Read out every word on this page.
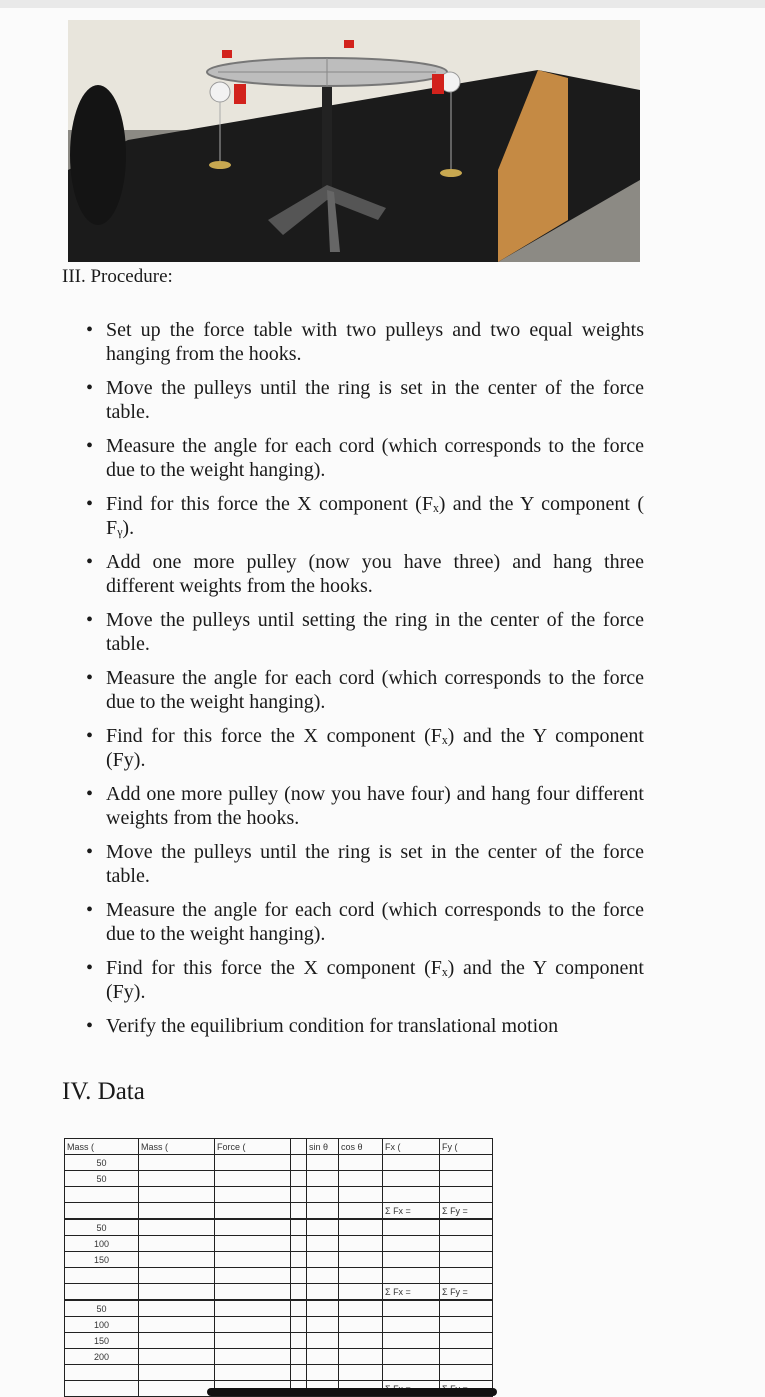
III. Procedure:
• Set up the force table with two pulleys and two equal weights hanging from the hooks.
• Move the pulleys until the ring is set in the center of the force table.
• Measure the angle for each cord (which corresponds to the force due to the weight hanging).
• Find for this force the X component (Fₓ) and the Y component ( Fᵧ).
• Add one more pulley (now you have three) and hang three different weights from the hooks.
• Move the pulleys until setting the ring in the center of the force table.
• Measure the angle for each cord (which corresponds to the force due to the weight hanging).
• Find for this force the X component (Fₓ) and the Y component (Fy).
• Add one more pulley (now you have four) and hang four different weights from the hooks.
• Move the pulleys until the ring is set in the center of the force table.
• Measure the angle for each cord (which corresponds to the force due to the weight hanging).
• Find for this force the X component (Fₓ) and the Y component (Fy).
• Verify the equilibrium condition for translational motion
IV. Data
Mass (	Mass (	Force (		sin θ	cos θ	Fx (	Fy (
50							
50							

						Σ Fx =	Σ Fy =
50							
100							
150							

						Σ Fx =	Σ Fy =
50							
100							
150							
200							
